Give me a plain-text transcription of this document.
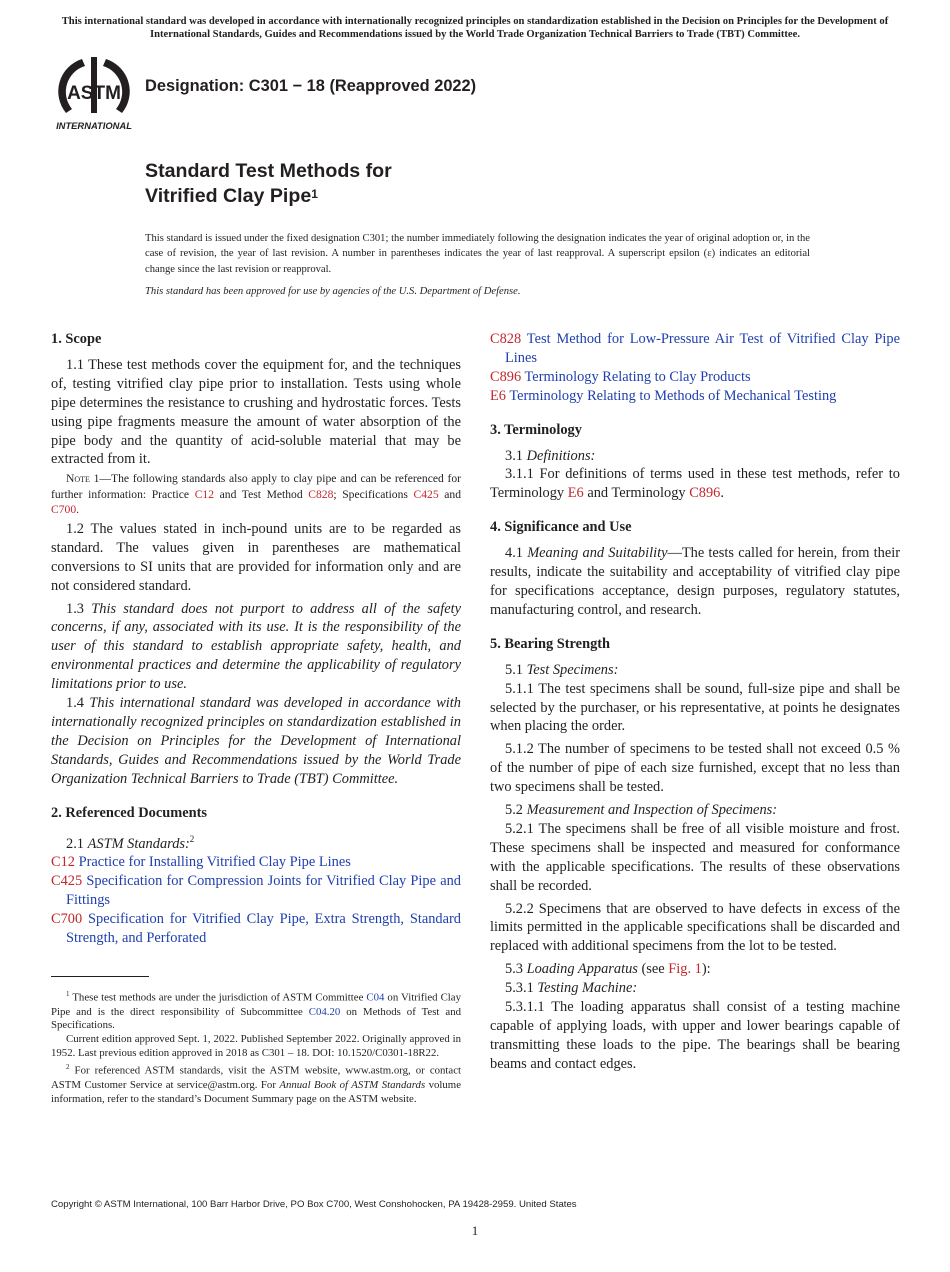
This international standard was developed in accordance with internationally recognized principles on standardization established in the Decision on Principles for the Development of International Standards, Guides and Recommendations issued by the World Trade Organization Technical Barriers to Trade (TBT) Committee.
ASTM
INTERNATIONAL
Designation: C301 − 18 (Reapproved 2022)
Standard Test Methods for
Vitrified Clay Pipe$^1$
This standard is issued under the fixed designation C301; the number immediately following the designation indicates the year of original adoption or, in the case of revision, the year of last revision. A number in parentheses indicates the year of last reapproval. A superscript epsilon (ε) indicates an editorial change since the last revision or reapproval.
This standard has been approved for use by agencies of the U.S. Department of Defense.
1. Scope

1.1 These test methods cover the equipment for, and the techniques of, testing vitrified clay pipe prior to installation. Tests using whole pipe determines the resistance to crushing and hydrostatic forces. Tests using pipe fragments measure the amount of water absorption of the pipe body and the quantity of acid-soluble material that may be extracted from it.

Note 1—The following standards also apply to clay pipe and can be referenced for further information: Practice C12 and Test Method C828; Specifications C425 and C700.

1.2 The values stated in inch-pound units are to be regarded as standard. The values given in parentheses are mathematical conversions to SI units that are provided for information only and are not considered standard.

1.3 This standard does not purport to address all of the safety concerns, if any, associated with its use. It is the responsibility of the user of this standard to establish appropriate safety, health, and environmental practices and determine the applicability of regulatory limitations prior to use.

1.4 This international standard was developed in accordance with internationally recognized principles on standardization established in the Decision on Principles for the Development of International Standards, Guides and Recommendations issued by the World Trade Organization Technical Barriers to Trade (TBT) Committee.

2. Referenced Documents

2.1 ASTM Standards:$^2$

C12 Practice for Installing Vitrified Clay Pipe Lines

C425 Specification for Compression Joints for Vitrified Clay Pipe and Fittings

C700 Specification for Vitrified Clay Pipe, Extra Strength, Standard Strength, and Perforated

$^1$ These test methods are under the jurisdiction of ASTM Committee C04 on Vitrified Clay Pipe and is the direct responsibility of Subcommittee C04.20 on Methods of Test and Specifications.

Current edition approved Sept. 1, 2022. Published September 2022. Originally approved in 1952. Last previous edition approved in 2018 as C301 – 18. DOI: 10.1520/C0301-18R22.

$^2$ For referenced ASTM standards, visit the ASTM website, www.astm.org, or contact ASTM Customer Service at service@astm.org. For Annual Book of ASTM Standards volume information, refer to the standard’s Document Summary page on the ASTM website.

C828 Test Method for Low-Pressure Air Test of Vitrified Clay Pipe Lines

C896 Terminology Relating to Clay Products

E6 Terminology Relating to Methods of Mechanical Testing

3. Terminology

3.1 Definitions:

3.1.1 For definitions of terms used in these test methods, refer to Terminology E6 and Terminology C896.

4. Significance and Use

4.1 Meaning and Suitability—The tests called for herein, from their results, indicate the suitability and acceptability of vitrified clay pipe for specifications acceptance, design purposes, regulatory statutes, manufacturing control, and research.

5. Bearing Strength

5.1 Test Specimens:

5.1.1 The test specimens shall be sound, full-size pipe and shall be selected by the purchaser, or his representative, at points he designates when placing the order.

5.1.2 The number of specimens to be tested shall not exceed 0.5 % of the number of pipe of each size furnished, except that no less than two specimens shall be tested.

5.2 Measurement and Inspection of Specimens:

5.2.1 The specimens shall be free of all visible moisture and frost. These specimens shall be inspected and measured for conformance with the applicable specifications. The results of these observations shall be recorded.

5.2.2 Specimens that are observed to have defects in excess of the limits permitted in the applicable specifications shall be discarded and replaced with additional specimens from the lot to be tested.

5.3 Loading Apparatus (see Fig. 1):

5.3.1 Testing Machine:

5.3.1.1 The loading apparatus shall consist of a testing machine capable of applying loads, with upper and lower bearings capable of transmitting these loads to the pipe. The bearings shall be bearing beams and contact edges.

Copyright © ASTM International, 100 Barr Harbor Drive, PO Box C700, West Conshohocken, PA 19428-2959. United States
1
